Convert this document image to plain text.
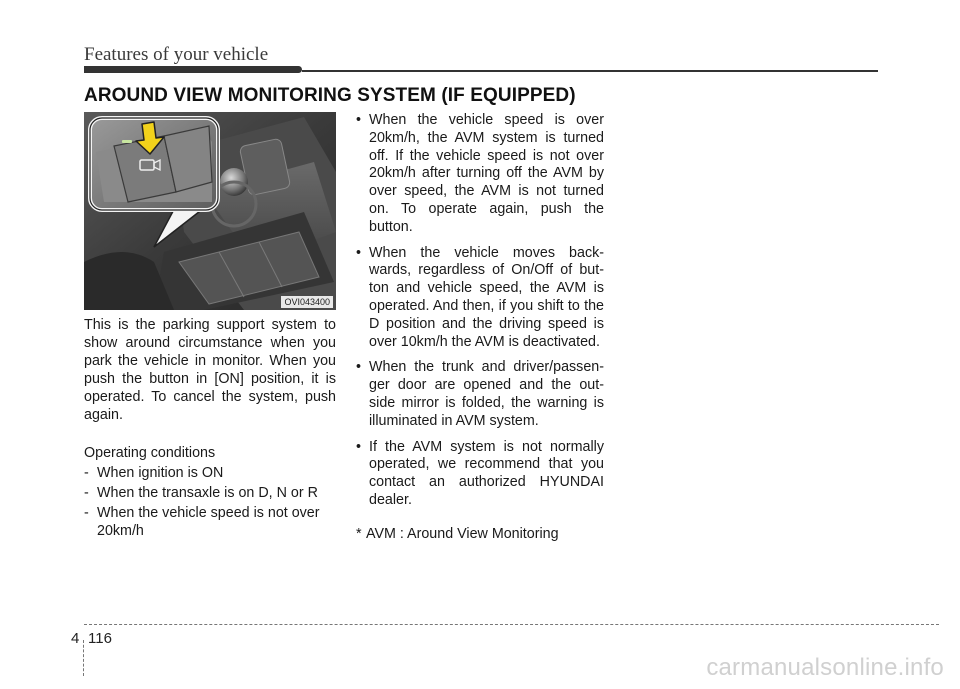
Features of your vehicle
AROUND VIEW MONITORING SYSTEM (IF EQUIPPED)
OVI043400

This is the parking support system to show around circumstance when you park the vehicle in monitor. When you push the button in [ON] position, it is operated. To cancel the system, push again.

Operating conditions
- When ignition is ON
- When the transaxle is on D, N or R
- When the vehicle speed is not over 20km/h
• When the vehicle speed is over 20km/h, the AVM system is turned off. If the vehicle speed is not over 20km/h after turning off the AVM by over speed, the AVM is not turned on. To operate again, push the button.
• When the vehicle moves back-wards, regardless of On/Off of but-ton and vehicle speed, the AVM is operated. And then, if you shift to the D position and the driving speed is over 10km/h the AVM is deactivated.
• When the trunk and driver/passen-ger door are opened and the out-side mirror is folded, the warning is illuminated in AVM system.
• If the AVM system is not normally operated, we recommend that you contact an authorized HYUNDAI dealer.
* AVM : Around View Monitoring
4 116
carmanualsonline.info
